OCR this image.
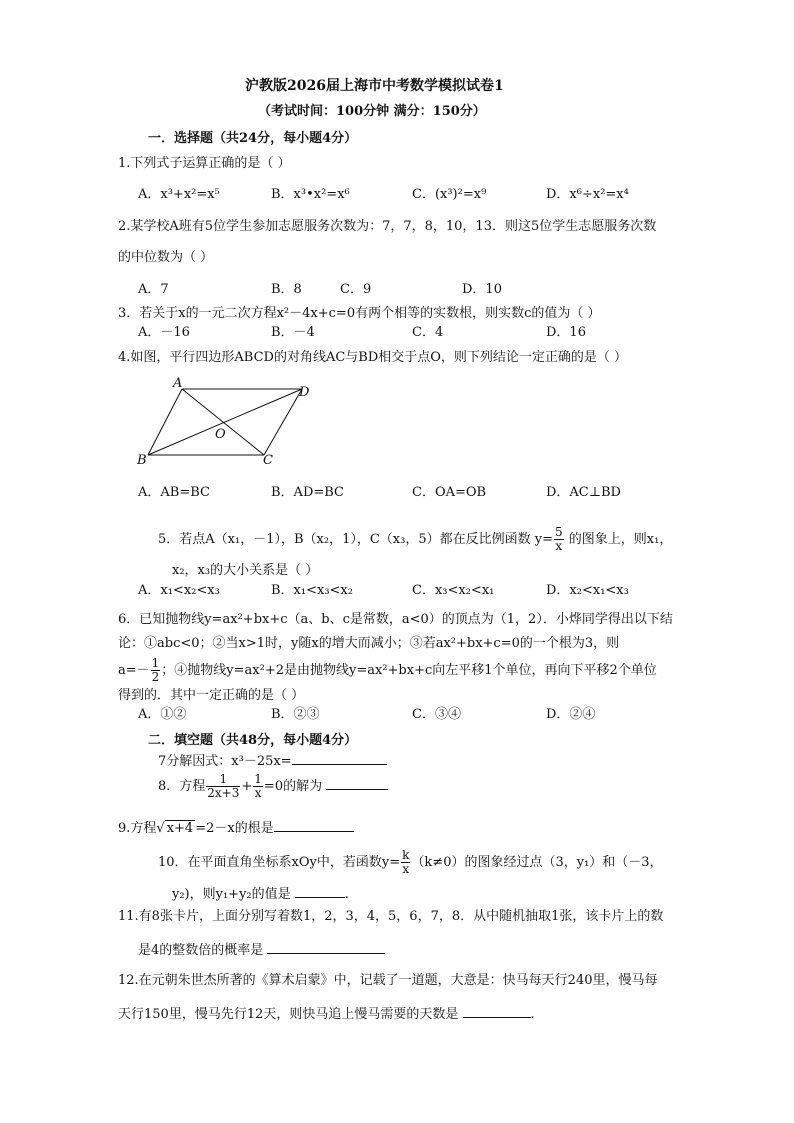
沪教版2026届上海市中考数学模拟试卷1
（考试时间：100分钟 满分：150分）
一．选择题（共24分，每小题4分）
1.下列式子运算正确的是（ ）
A．x³+x²=x⁵	B．x³•x²=x⁶	C．(x³)²=x⁹	D．x⁶÷x²=x⁴
2.某学校A班有5位学生参加志愿服务次数为：7，7，8，10，13．则这5位学生志愿服务次数
的中位数为（ ）
A．7	B．8	C．9	D．10
3．若关于x的一元二次方程x²－4x+c=0有两个相等的实数根，则实数c的值为（ ）
A．－16	B．－4	C．4	D．16
4.如图，平行四边形ABCD的对角线AC与BD相交于点O，则下列结论一定正确的是（ ）
A
D
B	C
O
A．AB=BC	B．AD=BC	C．OA=OB	D．AC⊥BD
5．若点A（x₁，－1），B（x₂，1），C（x₃，5）都在反比例函数 $y= \frac{5}{x}$ 的图象上，则x₁，
x₂，x₃的大小关系是（ ）
A．x₁<x₂<x₃	B．x₁<x₃<x₂	C．x₃<x₂<x₁	D．x₂<x₁<x₃
6．已知抛物线y=ax²+bx+c（a、b、c是常数，a<0）的顶点为（1，2）．小烨同学得出以下结
论：①abc<0；②当x>1时，y随x的增大而减小；③若ax²+bx+c=0的一个根为3，则
$a=- \frac{1}{2}$ ；④抛物线y=ax²+2是由抛物线y=ax²+bx+c向左平移1个单位，再向下平移2个单位
得到的．其中一定正确的是（ ）
A．①②	B．②③	C．③④	D．②④
二．填空题（共48分，每小题4分）
7分解因式：x³－25x=
8．方程 $\frac{1}{2x+3} + \frac{1}{x} =0$的解为
9.方程√ x+4 =2－x的根是
10．在平面直角坐标系xOy中，若函数$y= \frac{k}{x} (k\ne 0)$的图象经过点（3，y₁）和（－3，
y₂)，则y₁+y₂的值是	.
11.有8张卡片，上面分别写着数1，2，3，4，5，6，7，8．从中随机抽取1张，该卡片上的数
是4的整数倍的概率是
12.在元朝朱世杰所著的《算术启蒙》中，记载了一道题，大意是：快马每天行240里，慢马每
天行150里，慢马先行12天，则快马追上慢马需要的天数是	.
